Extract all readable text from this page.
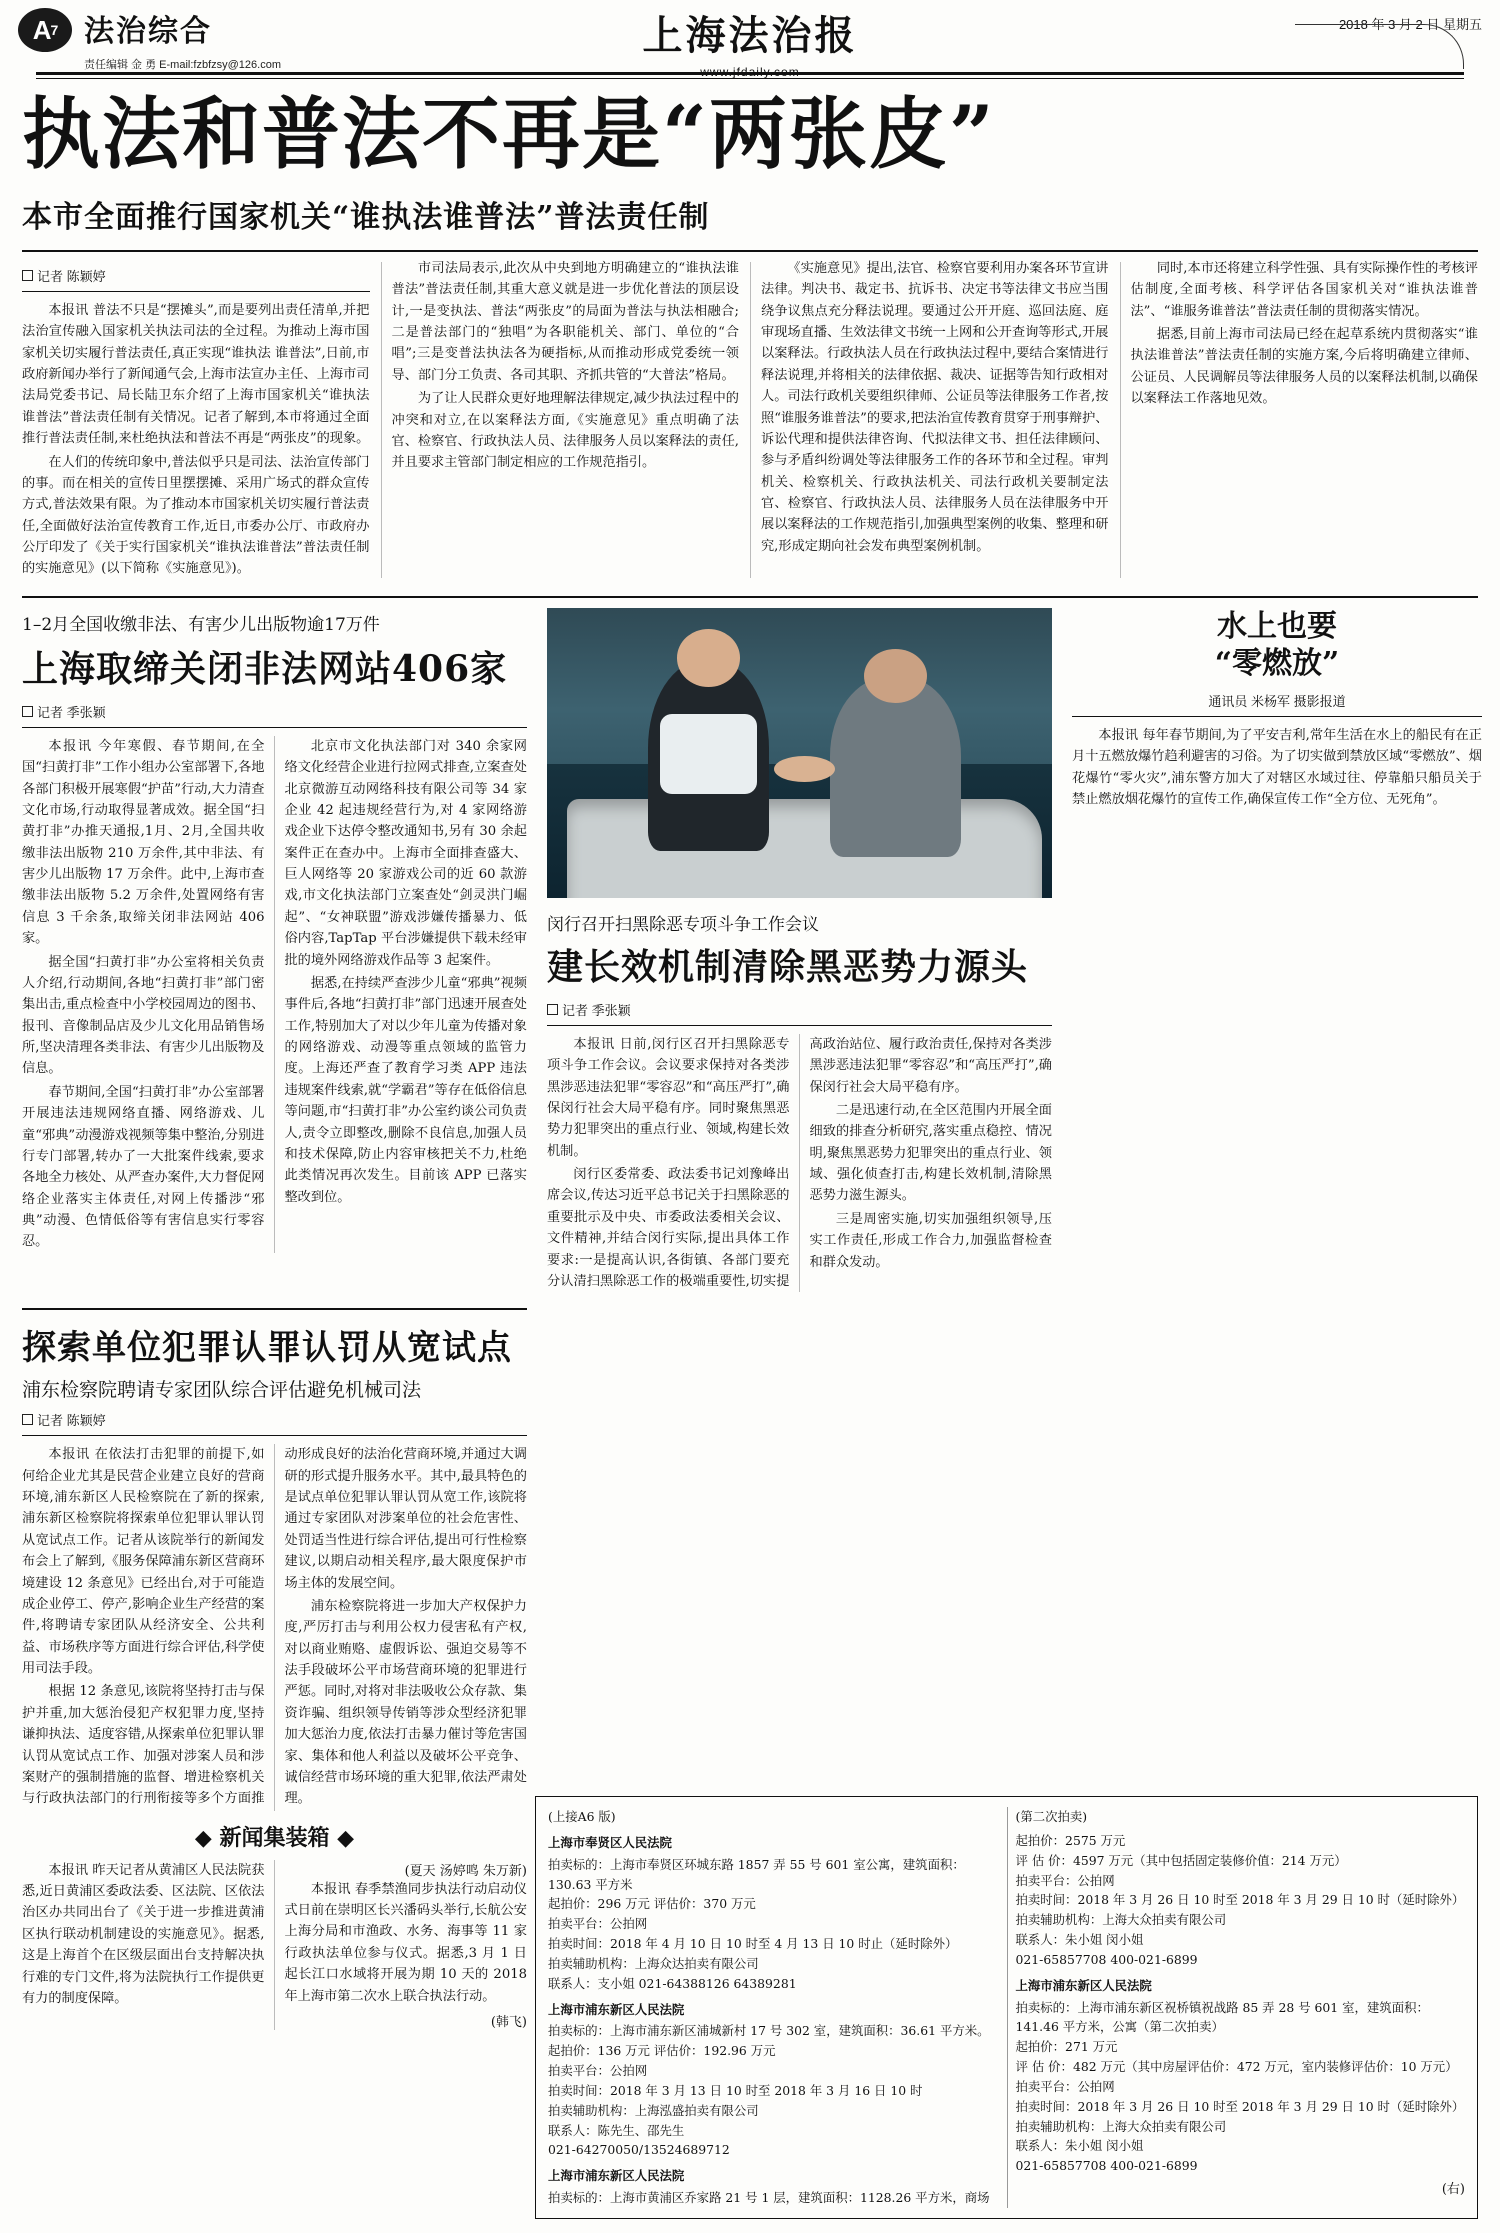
A 7 法治综合
责任编辑 金 勇 E-mail:fzbfzsy@126.com
上海法治报
www.jfdaily.com
2018 年 3 月 2 日 星期五
执法和普法不再是“两张皮”
本市全面推行国家机关“谁执法谁普法”普法责任制
记者 陈颖婷

本报讯 普法不只是“摆摊头”,而是要列出责任清单,并把法治宣传融入国家机关执法司法的全过程。为推动上海市国家机关切实履行普法责任,真正实现“谁执法 谁普法”,日前,市政府新闻办举行了新闻通气会,上海市法宣办主任、上海市司法局党委书记、局长陆卫东介绍了上海市国家机关“谁执法谁普法”普法责任制有关情况。记者了解到,本市将通过全面推行普法责任制,来杜绝执法和普法不再是“两张皮”的现象。

在人们的传统印象中,普法似乎只是司法、法治宣传部门的事。而在相关的宣传日里摆摆摊、采用广场式的群众宣传方式,普法效果有限。为了推动本市国家机关切实履行普法责任,全面做好法治宣传教育工作,近日,市委办公厅、市政府办公厅印发了《关于实行国家机关“谁执法谁普法”普法责任制的实施意见》(以下简称《实施意见》)。

市司法局表示,此次从中央到地方明确建立的“谁执法谁普法”普法责任制,其重大意义就是进一步优化普法的顶层设计,一是变执法、普法“两张皮”的局面为普法与执法相融合;二是普法部门的“独唱”为各职能机关、部门、单位的“合唱”;三是变普法执法各为硬指标,从而推动形成党委统一领导、部门分工负责、各司其职、齐抓共管的“大普法”格局。

为了让人民群众更好地理解法律规定,减少执法过程中的冲突和对立,在以案释法方面,《实施意见》重点明确了法官、检察官、行政执法人员、法律服务人员以案释法的责任,并且要求主管部门制定相应的工作规范指引。

《实施意见》提出,法官、检察官要利用办案各环节宣讲法律。判决书、裁定书、抗诉书、决定书等法律文书应当围绕争议焦点充分释法说理。要通过公开开庭、巡回法庭、庭审现场直播、生效法律文书统一上网和公开查询等形式,开展以案释法。行政执法人员在行政执法过程中,要结合案情进行释法说理,并将相关的法律依据、裁决、证据等告知行政相对人。司法行政机关要组织律师、公证员等法律服务工作者,按照“谁服务谁普法”的要求,把法治宣传教育贯穿于刑事辩护、诉讼代理和提供法律咨询、代拟法律文书、担任法律顾问、参与矛盾纠纷调处等法律服务工作的各环节和全过程。审判机关、检察机关、行政执法机关、司法行政机关要制定法官、检察官、行政执法人员、法律服务人员在法律服务中开展以案释法的工作规范指引,加强典型案例的收集、整理和研究,形成定期向社会发布典型案例机制。

同时,本市还将建立科学性强、具有实际操作性的考核评估制度,全面考核、科学评估各国家机关对“谁执法谁普法”、“谁服务谁普法”普法责任制的贯彻落实情况。

据悉,目前上海市司法局已经在起草系统内贯彻落实“谁执法谁普法”普法责任制的实施方案,今后将明确建立律师、公证员、人民调解员等法律服务人员的以案释法机制,以确保以案释法工作落地见效。

1–2月全国收缴非法、有害少儿出版物逾17万件
上海取缔关闭非法网站406家
记者 季张颖

本报讯 今年寒假、春节期间,在全国“扫黄打非”工作小组办公室部署下,各地各部门积极开展寒假“护苗”行动,大力清查文化市场,行动取得显著成效。据全国“扫黄打非”办推天通报,1月、2月,全国共收缴非法出版物 210 万余件,其中非法、有害少儿出版物 17 万余件。此中,上海市查缴非法出版物 5.2 万余件,处置网络有害信息 3 千余条,取缔关闭非法网站 406 家。

据全国“扫黄打非”办公室将相关负责人介绍,行动期间,各地“扫黄打非”部门密集出击,重点检查中小学校园周边的图书、报刊、音像制品店及少儿文化用品销售场所,坚决清理各类非法、有害少儿出版物及信息。

春节期间,全国“扫黄打非”办公室部署开展违法违规网络直播、网络游戏、儿童“邪典”动漫游戏视频等集中整治,分别进行专门部署,转办了一大批案件线索,要求各地全力核处、从严查办案件,大力督促网络企业落实主体责任,对网上传播涉“邪典”动漫、色情低俗等有害信息实行零容忍。

北京市文化执法部门对 340 余家网络文化经营企业进行拉网式排查,立案查处北京微游互动网络科技有限公司等 34 家企业 42 起违规经营行为,对 4 家网络游戏企业下达停令整改通知书,另有 30 余起案件正在查办中。上海市全面排查盛大、巨人网络等 20 家游戏公司的近 60 款游戏,市文化执法部门立案查处“剑灵洪门崛起”、“女神联盟”游戏涉嫌传播暴力、低俗内容,TapTap 平台涉嫌提供下载未经审批的境外网络游戏作品等 3 起案件。

据悉,在持续严查涉少儿童“邪典”视频事件后,各地“扫黄打非”部门迅速开展查处工作,特别加大了对以少年儿童为传播对象的网络游戏、动漫等重点领域的监管力度。上海还严查了教育学习类 APP 违法违规案件线索,就“学霸君”等存在低俗信息等问题,市“扫黄打非”办公室约谈公司负责人,责令立即整改,删除不良信息,加强人员和技术保障,防止内容审核把关不力,杜绝此类情况再次发生。目前该 APP 已落实整改到位。

闵行召开扫黑除恶专项斗争工作会议
建长效机制清除黑恶势力源头
记者 季张颖

本报讯 日前,闵行区召开扫黑除恶专项斗争工作会议。会议要求保持对各类涉黑涉恶违法犯罪“零容忍”和“高压严打”,确保闵行社会大局平稳有序。同时聚焦黑恶势力犯罪突出的重点行业、领域,构建长效机制。

闵行区委常委、政法委书记刘豫峰出席会议,传达习近平总书记关于扫黑除恶的重要批示及中央、市委政法委相关会议、文件精神,并结合闵行实际,提出具体工作要求:一是提高认识,各街镇、各部门要充分认清扫黑除恶工作的极端重要性,切实提高政治站位、履行政治责任,保持对各类涉黑涉恶违法犯罪“零容忍”和“高压严打”,确保闵行社会大局平稳有序。

二是迅速行动,在全区范围内开展全面细致的排查分析研究,落实重点稳控、情况明,聚焦黑恶势力犯罪突出的重点行业、领域、强化侦查打击,构建长效机制,清除黑恶势力滋生源头。

三是周密实施,切实加强组织领导,压实工作责任,形成工作合力,加强监督检查和群众发动。

水上也要
“零燃放”
通讯员 米杨军 摄影报道

本报讯 每年春节期间,为了平安吉利,常年生活在水上的船民有在正月十五燃放爆竹趋利避害的习俗。为了切实做到禁放区域“零燃放”、烟花爆竹“零火灾”,浦东警方加大了对辖区水域过往、停靠船只船员关于禁止燃放烟花爆竹的宣传工作,确保宣传工作“全方位、无死角”。

探索单位犯罪认罪认罚从宽试点
浦东检察院聘请专家团队综合评估避免机械司法
记者 陈颖婷

本报讯 在依法打击犯罪的前提下,如何给企业尤其是民营企业建立良好的营商环境,浦东新区人民检察院在了新的探索,浦东新区检察院将探索单位犯罪认罪认罚从宽试点工作。记者从该院举行的新闻发布会上了解到,《服务保障浦东新区营商环境建设 12 条意见》已经出台,对于可能造成企业停工、停产,影响企业生产经营的案件,将聘请专家团队从经济安全、公共利益、市场秩序等方面进行综合评估,科学使用司法手段。

根据 12 条意见,该院将坚持打击与保护并重,加大惩治侵犯产权犯罪力度,坚持谦抑执法、适度容错,从探索单位犯罪认罪认罚从宽试点工作、加强对涉案人员和涉案财产的强制措施的监督、增进检察机关与行政执法部门的行刑衔接等多个方面推动形成良好的法治化营商环境,并通过大调研的形式提升服务水平。其中,最具特色的是试点单位犯罪认罪认罚从宽工作,该院将通过专家团队对涉案单位的社会危害性、处罚适当性进行综合评估,提出可行性检察建议,以期启动相关程序,最大限度保护市场主体的发展空间。

浦东检察院将进一步加大产权保护力度,严厉打击与利用公权力侵害私有产权,对以商业贿赂、虚假诉讼、强迫交易等不法手段破坏公平市场营商环境的犯罪进行严惩。同时,对将对非法吸收公众存款、集资诈骗、组织领导传销等涉众型经济犯罪加大惩治力度,依法打击暴力催讨等危害国家、集体和他人利益以及破坏公平竞争、诚信经营市场环境的重大犯罪,依法严肃处理。

◆ 新闻集装箱 ◆

本报讯 昨天记者从黄浦区人民法院获悉,近日黄浦区委政法委、区法院、区依法治区办共同出台了《关于进一步推进黄浦区执行联动机制建设的实施意见》。据悉,这是上海首个在区级层面出台支持解决执行难的专门文件,将为法院执行工作提供更有力的制度保障。

(夏天 汤婷鸣 朱万新)

本报讯 春季禁渔同步执法行动启动仪式日前在崇明区长兴潘码头举行,长航公安上海分局和市渔政、水务、海事等 11 家行政执法单位参与仪式。据悉,3 月 1 日起长江口水域将开展为期 10 天的 2018 年上海市第二次水上联合执法行动。

(韩飞)
(上接A6 版)
上海市奉贤区人民法院

拍卖标的：上海市奉贤区环城东路 1857 弄 55 号 601 室公寓，建筑面积：130.63 平方米

起拍价：296 万元 评估价：370 万元

拍卖平台：公拍网

拍卖时间：2018 年 4 月 10 日 10 时至 4 月 13 日 10 时止（延时除外）

拍卖辅助机构：上海众达拍卖有限公司

联系人：支小姐 021-64388126 64389281

上海市浦东新区人民法院

拍卖标的：上海市浦东新区浦城新村 17 号 302 室，建筑面积：36.61 平方米。

起拍价：136 万元 评估价：192.96 万元

拍卖平台：公拍网

拍卖时间：2018 年 3 月 13 日 10 时至 2018 年 3 月 16 日 10 时

拍卖辅助机构：上海泓盛拍卖有限公司

联系人：陈先生、邵先生

021-64270050/13524689712

上海市浦东新区人民法院

拍卖标的：上海市黄浦区乔家路 21 号 1 层，建筑面积：1128.26 平方米，商场

(第二次拍卖)

起拍价：2575 万元

评 估 价：4597 万元（其中包括固定装修价值：214 万元）

拍卖平台：公拍网

拍卖时间：2018 年 3 月 26 日 10 时至 2018 年 3 月 29 日 10 时（延时除外）

拍卖辅助机构：上海大众拍卖有限公司

联系人：朱小姐 闵小姐

021-65857708 400-021-6899

上海市浦东新区人民法院

拍卖标的：上海市浦东新区祝桥镇祝战路 85 弄 28 号 601 室，建筑面积：141.46 平方米，公寓（第二次拍卖）

起拍价：271 万元

评 估 价：482 万元（其中房屋评估价：472 万元，室内装修评估价：10 万元）

拍卖平台：公拍网

拍卖时间：2018 年 3 月 26 日 10 时至 2018 年 3 月 29 日 10 时（延时除外）

拍卖辅助机构：上海大众拍卖有限公司

联系人：朱小姐 闵小姐

021-65857708 400-021-6899

(右)
